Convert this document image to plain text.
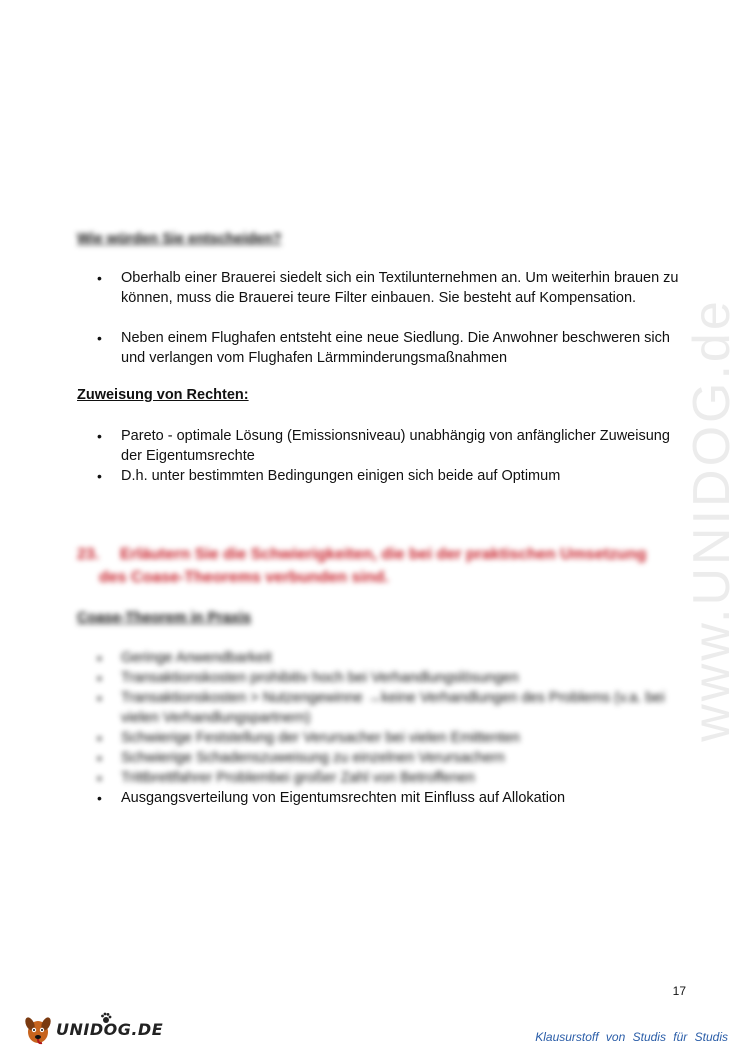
www.UNIDOG.de
Wie würden Sie entscheiden?
• Oberhalb einer Brauerei siedelt sich ein Textilunternehmen an. Um weiterhin brauen zu können, muss die Brauerei teure Filter einbauen. Sie besteht auf Kompensation.
• Neben einem Flughafen entsteht eine neue Siedlung. Die Anwohner beschweren sich und verlangen vom Flughafen Lärmminderungsmaßnahmen
Zuweisung von Rechten:
• Pareto - optimale Lösung (Emissionsniveau) unabhängig von anfänglicher Zuweisung der Eigentumsrechte
• D.h. unter bestimmten Bedingungen einigen sich beide auf Optimum
23. Erläutern Sie die Schwierigkeiten, die bei der praktischen Umsetzung
des Coase-Theorems verbunden sind.
Coase-Theorem in Praxis
• Geringe Anwendbarkeit
• Transaktionskosten prohibitiv hoch bei Verhandlungslösungen
• Transaktionskosten > Nutzengewinne →keine Verhandlungen des Problems (v.a. bei vielen Verhandlungspartnern)
• Schwierige Feststellung der Verursacher bei vielen Emittenten
• Schwierige Schadenszuweisung zu einzelnen Verursachern
• Trittbrettfahrer Problembei großer Zahl von Betroffenen
• Ausgangsverteilung von Eigentumsrechten mit Einfluss auf Allokation
17
UNIDOG.DE	Klausurstoff von Studis für Studis
